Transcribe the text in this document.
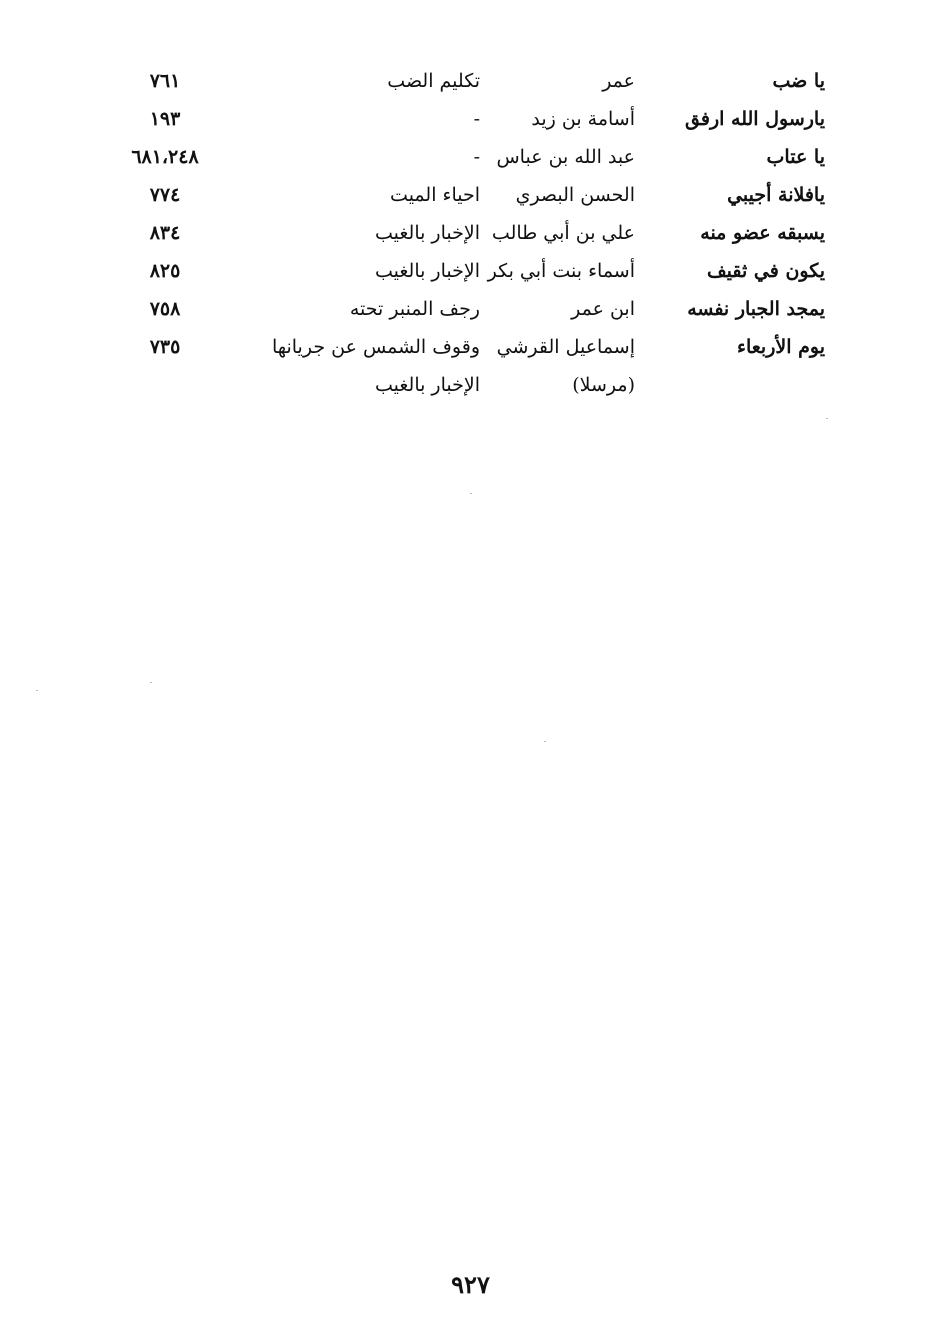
يا ضب
عمر
تكليم الضب
٧٦١
يارسول الله ارفق
أسامة بن زيد
-
١٩٣
يا عتاب
عبد الله بن عباس
-
٦٨١،٢٤٨
يافلانة أجيبي
الحسن البصري
احياء الميت
٧٧٤
يسبقه عضو منه
علي بن أبي طالب
الإخبار بالغيب
٨٣٤
يكون في ثقيف
أسماء بنت أبي بكر
الإخبار بالغيب
٨٢٥
يمجد الجبار نفسه
ابن عمر
رجف المنبر تحته
٧٥٨
يوم الأربعاء
إسماعيل القرشي
وقوف الشمس عن جريانها
٧٣٥
(مرسلا)
الإخبار بالغيب
٩٢٧
